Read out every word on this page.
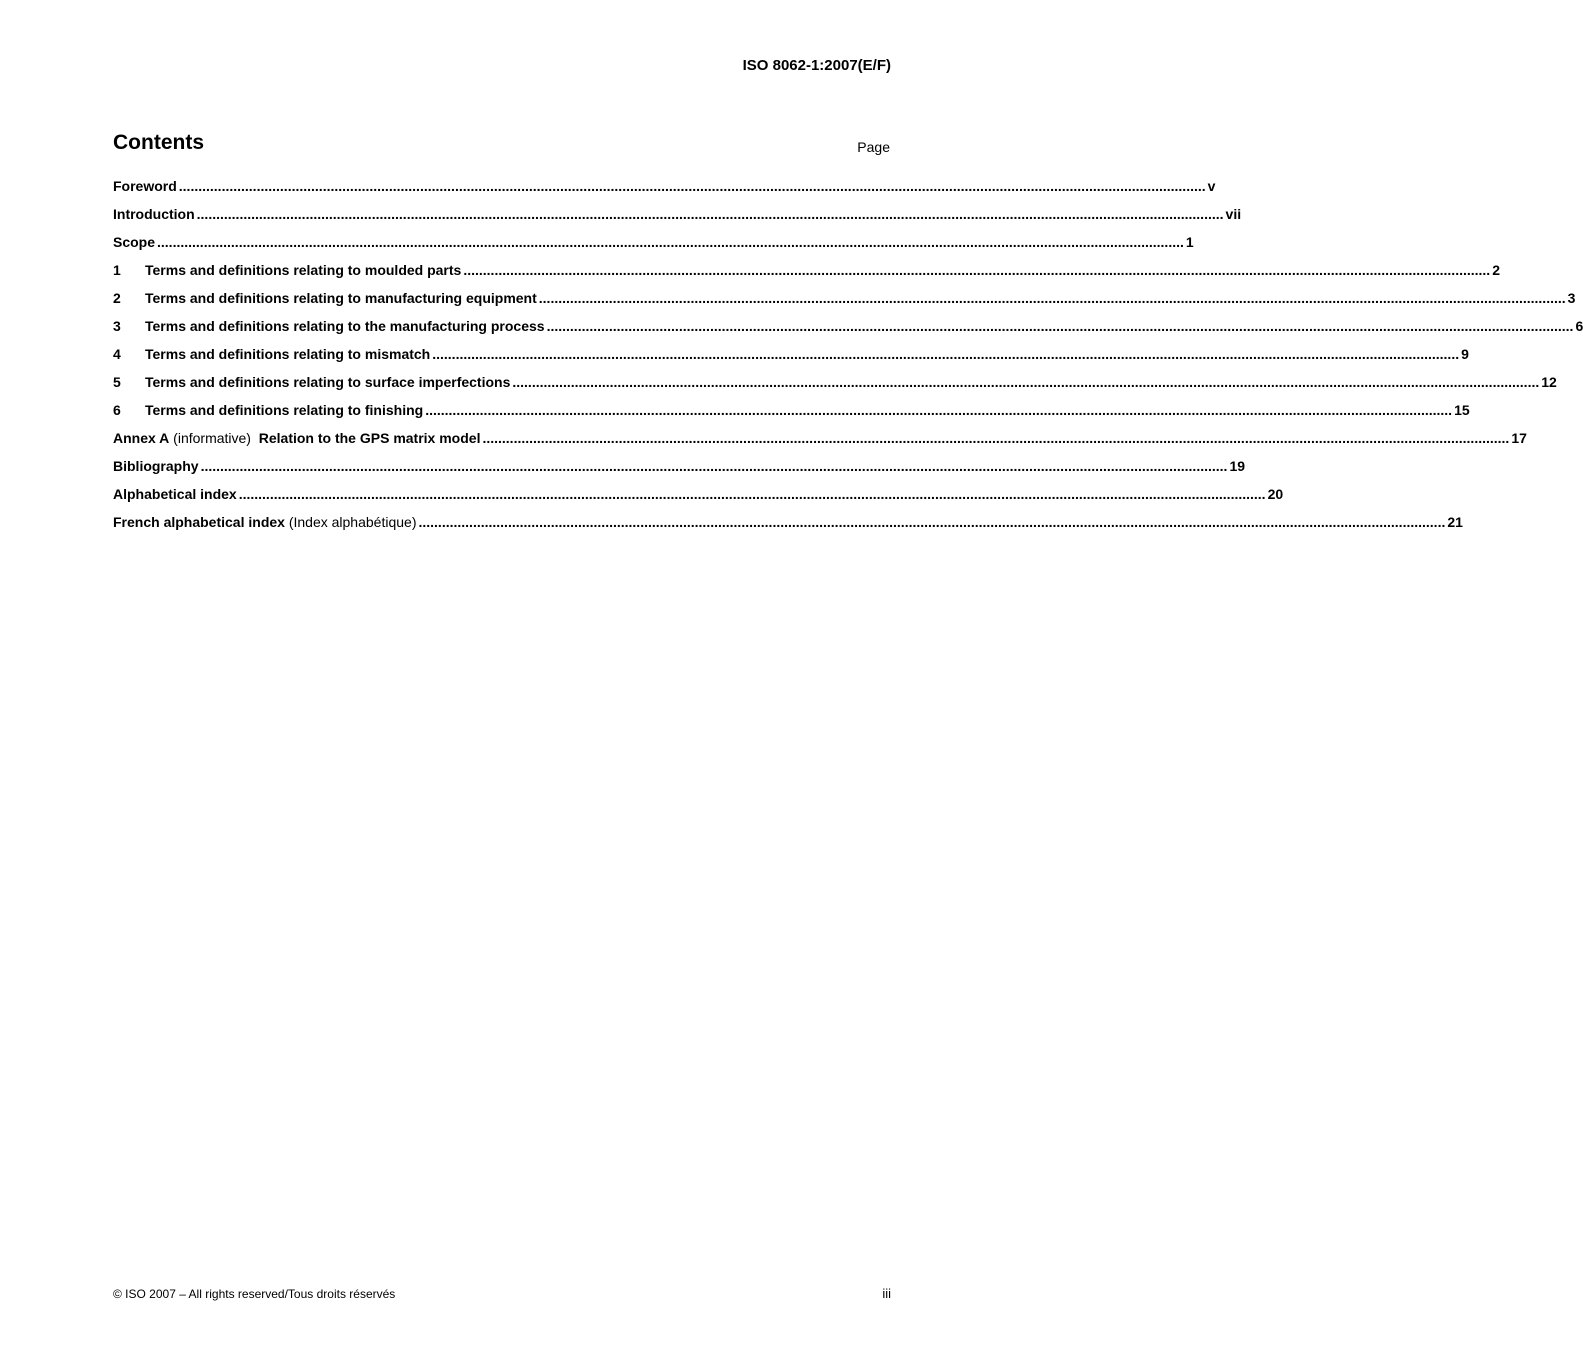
ISO 8062-1:2007(E/F)
Contents	Page
Foreword .....	v
Introduction .....	vii
Scope .....	1
1	Terms and definitions relating to moulded parts .....	2
2	Terms and definitions relating to manufacturing equipment .....	3
3	Terms and definitions relating to the manufacturing process .....	6
4	Terms and definitions relating to mismatch .....	9
5	Terms and definitions relating to surface imperfections .....	12
6	Terms and definitions relating to finishing .....	15
Annex A (informative) Relation to the GPS matrix model .....	17
Bibliography .....	19
Alphabetical index .....	20
French alphabetical index (Index alphabétique) .....	21
© ISO 2007 – All rights reserved/Tous droits réservés	iii
